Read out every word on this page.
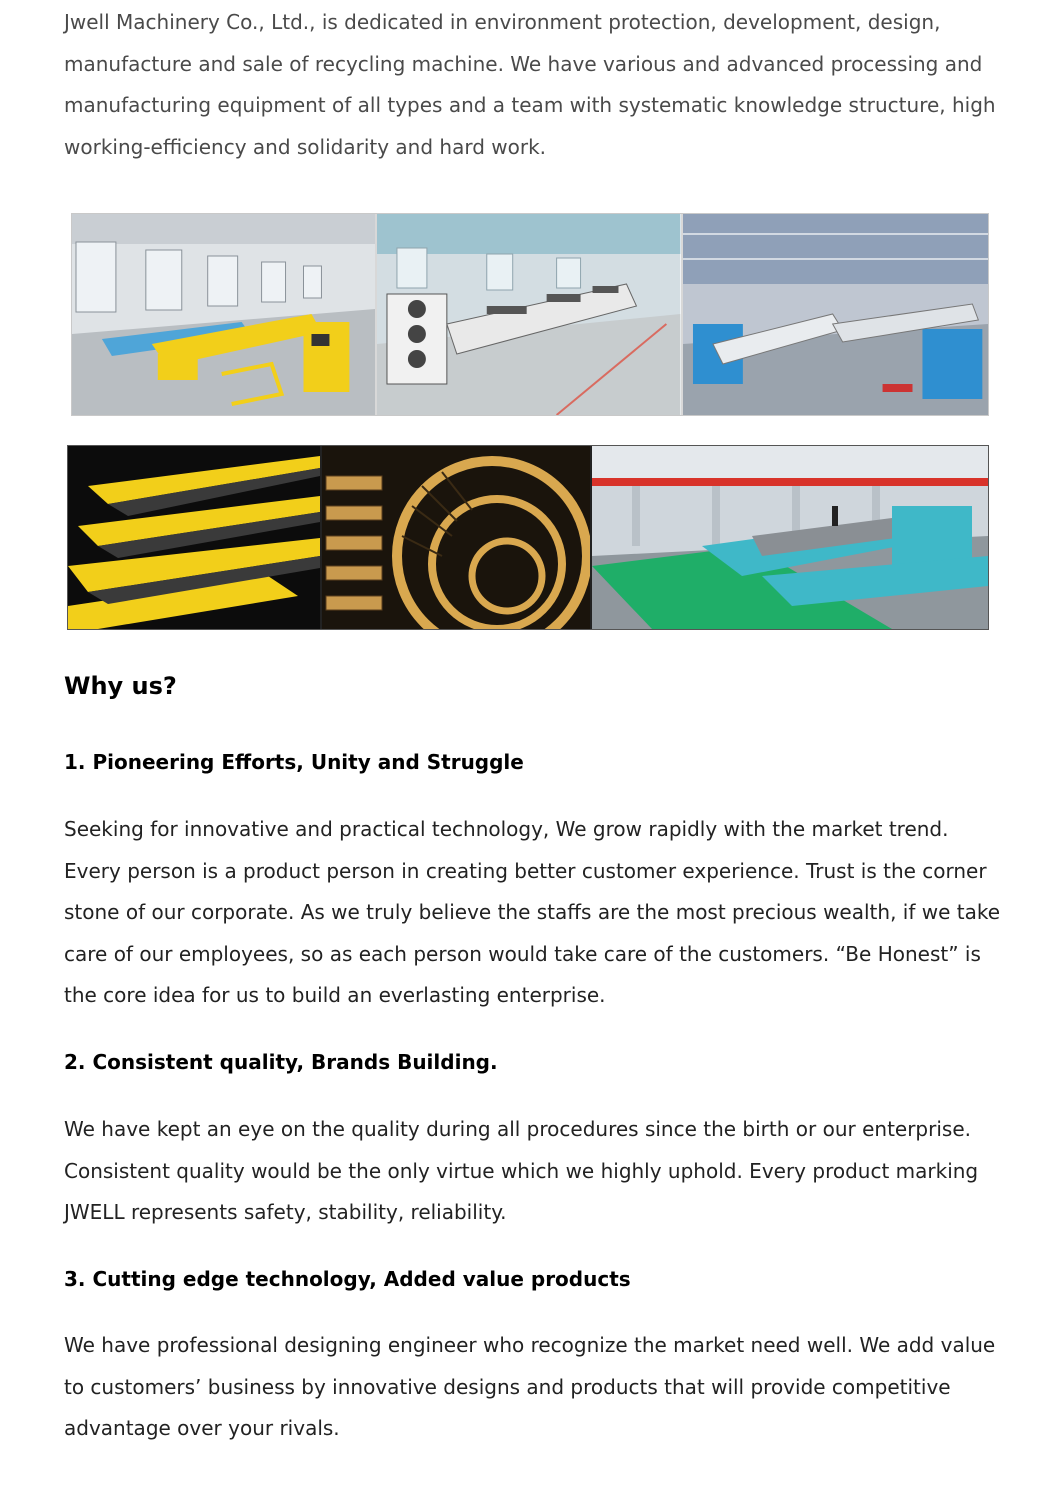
Jwell Machinery Co., Ltd., is dedicated in environment protection, development, design, manufacture and sale of recycling machine. We have various and advanced processing and manufacturing equipment of all types and a team with systematic knowledge structure, high working-efficiency and solidarity and hard work.

Why us?
1. Pioneering Efforts, Unity and Struggle

Seeking for innovative and practical technology, We grow rapidly with the market trend. Every person is a product person in creating better customer experience. Trust is the corner stone of our corporate. As we truly believe the staffs are the most precious wealth, if we take care of our employees, so as each person would take care of the customers. “Be Honest” is the core idea for us to build an everlasting enterprise.

2. Consistent quality, Brands Building.

We have kept an eye on the quality during all procedures since the birth or our enterprise. Consistent quality would be the only virtue which we highly uphold. Every product marking JWELL represents safety, stability, reliability.

3. Cutting edge technology, Added value products

We have professional designing engineer who recognize the market need well. We add value to customers’ business by innovative designs and products that will provide competitive advantage over your rivals.
